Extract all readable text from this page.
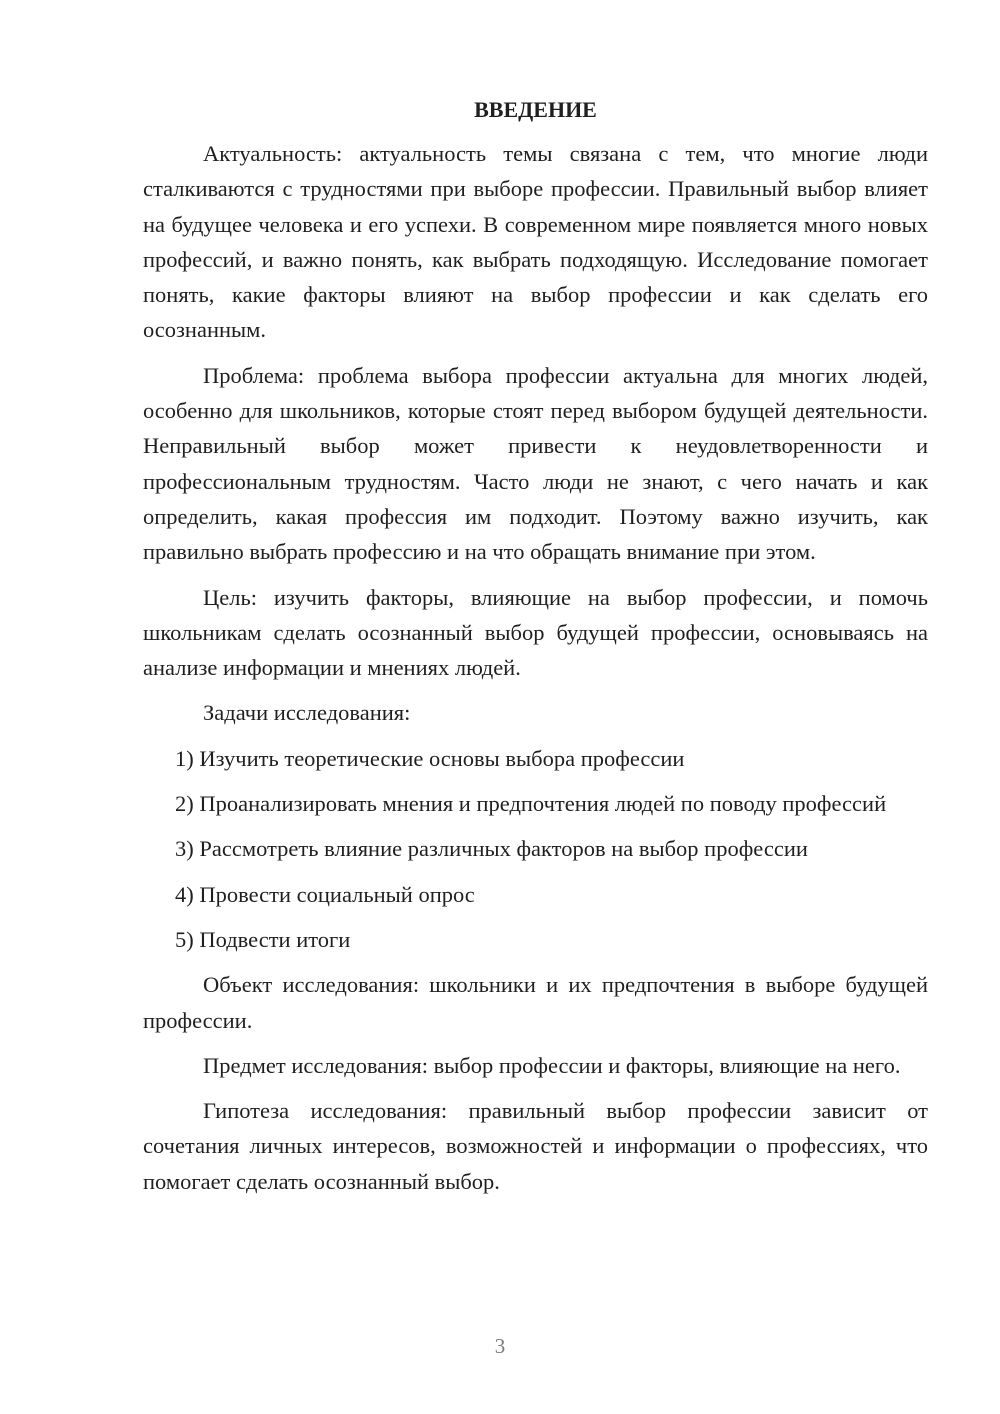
ВВЕДЕНИЕ

Актуальность: актуальность темы связана с тем, что многие люди сталкиваются с трудностями при выборе профессии. Правильный выбор влияет на будущее человека и его успехи. В современном мире появляется много новых профессий, и важно понять, как выбрать подходящую. Исследование помогает понять, какие факторы влияют на выбор профессии и как сделать его осознанным.

Проблема: проблема выбора профессии актуальна для многих людей, особенно для школьников, которые стоят перед выбором будущей деятельности. Неправильный выбор может привести к неудовлетворенности и профессиональным трудностям. Часто люди не знают, с чего начать и как определить, какая профессия им подходит. Поэтому важно изучить, как правильно выбрать профессию и на что обращать внимание при этом.

Цель: изучить факторы, влияющие на выбор профессии, и помочь школьникам сделать осознанный выбор будущей профессии, основываясь на анализе информации и мнениях людей.

Задачи исследования:

1) Изучить теоретические основы выбора профессии

2) Проанализировать мнения и предпочтения людей по поводу профессий

3) Рассмотреть влияние различных факторов на выбор профессии

4) Провести социальный опрос

5) Подвести итоги

Объект исследования: школьники и их предпочтения в выборе будущей профессии.

Предмет исследования: выбор профессии и факторы, влияющие на него.

Гипотеза исследования: правильный выбор профессии зависит от сочетания личных интересов, возможностей и информации о профессиях, что помогает сделать осознанный выбор.

3
